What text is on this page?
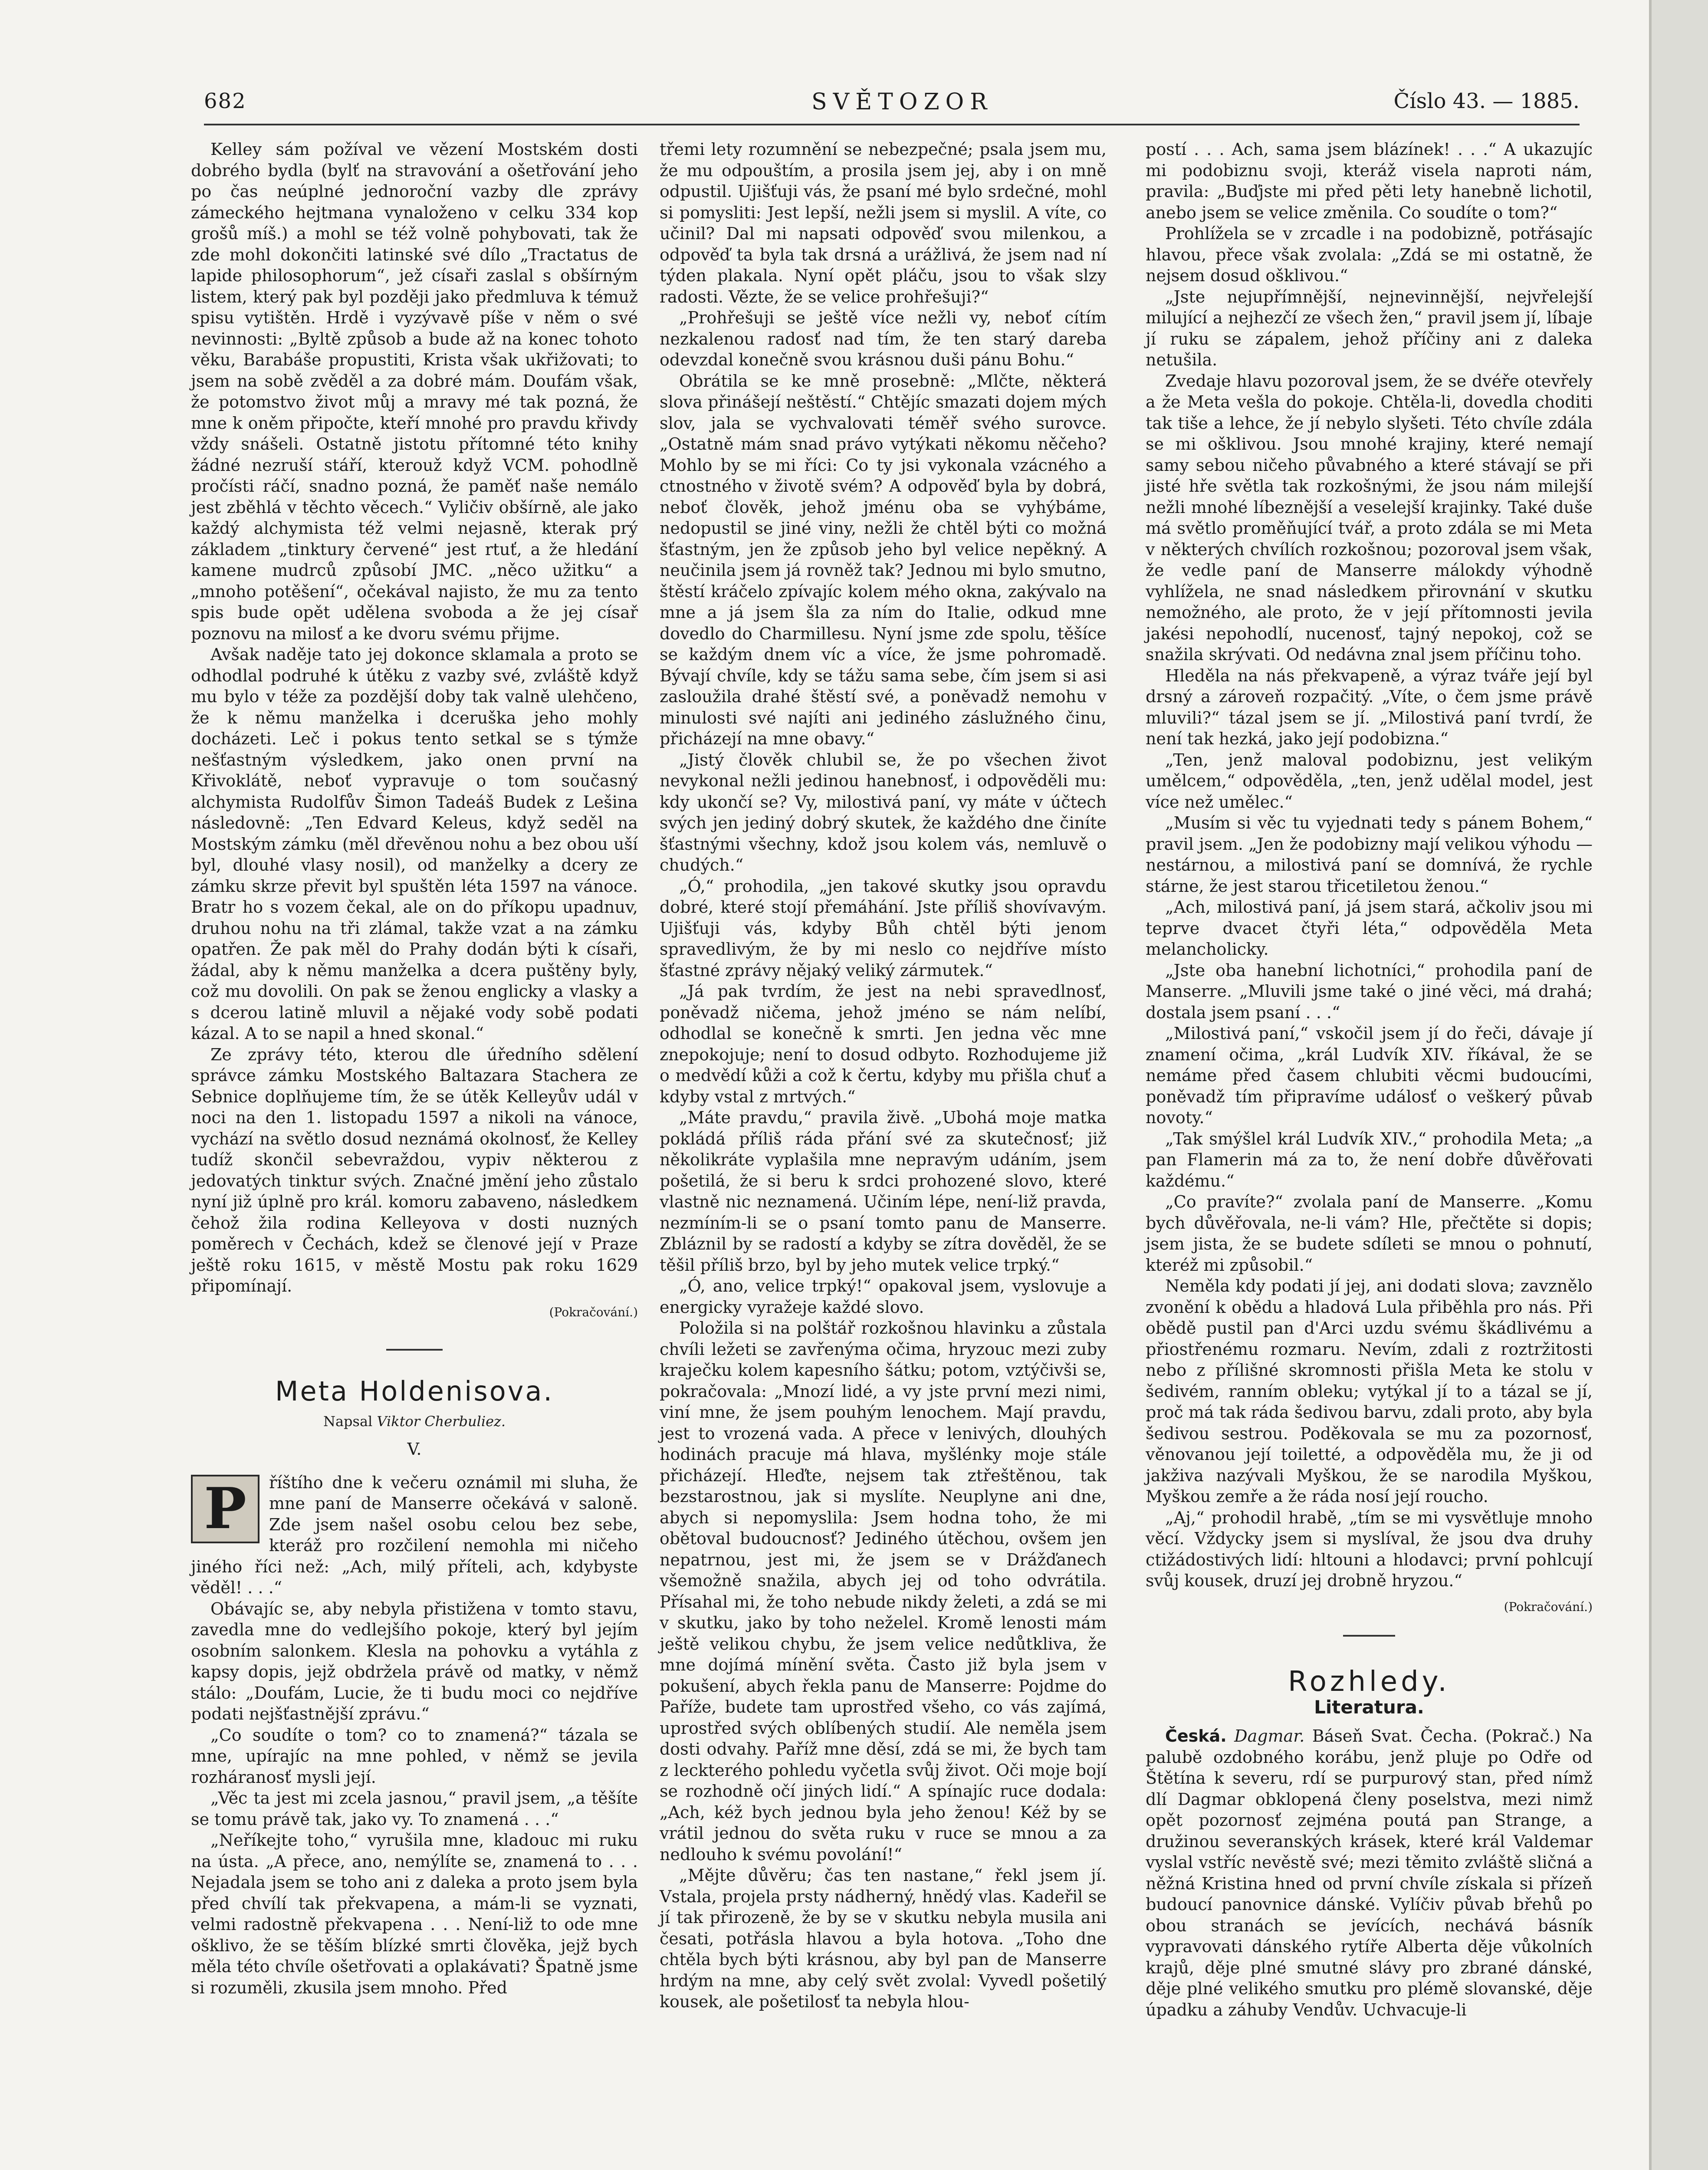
682	SVĚTOZOR	Číslo 43. — 1885.

Kelley sám požíval ve vězení Mostském dosti dobrého bydla (bylť na stravování a ošetřování jeho po čas neúplné jednoroční vazby dle zprávy zámeckého hejtmana vynaloženo v celku 334 kop grošů míš.) a mohl se též volně pohybovati, tak že zde mohl dokončiti latinské své dílo „Tractatus de lapide philosophorum“, jež císaři zaslal s obšírným listem, který pak byl později jako předmluva k témuž spisu vytištěn. Hrdě i vyzývavě píše v něm o své nevinnosti: „Byltě způsob a bude až na konec tohoto věku, Barabáše propustiti, Krista však ukřižovati; to jsem na sobě zvěděl a za dobré mám. Doufám však, že potomstvo život můj a mravy mé tak pozná, že mne k oněm připočte, kteří mnohé pro pravdu křivdy vždy snášeli. Ostatně jistotu přítomné této knihy žádné nezruší stáří, kterouž když VCM. pohodlně pročísti ráčí, snadno pozná, že paměť naše nemálo jest zběhlá v těchto věcech.“ Vyličiv obšírně, ale jako každý alchymista též velmi nejasně, kterak prý základem „tinktury červené“ jest rtuť, a že hledání kamene mudrců způsobí JMC. „něco užitku“ a „mnoho potěšení“, očekával najisto, že mu za tento spis bude opět udělena svoboda a že jej císař poznovu na milosť a ke dvoru svému přijme.

Avšak naděje tato jej dokonce sklamala a proto se odhodlal podruhé k útěku z vazby své, zvláště když mu bylo v téže za pozdější doby tak valně ulehčeno, že k němu manželka i dceruška jeho mohly docházeti. Leč i pokus tento setkal se s týmže nešťastným výsledkem, jako onen první na Křivoklátě, neboť vypravuje o tom současný alchymista Rudolfův Šimon Tadeáš Budek z Lešina následovně: „Ten Edvard Keleus, když seděl na Mostským zámku (měl dřevěnou nohu a bez obou uší byl, dlouhé vlasy nosil), od manželky a dcery ze zámku skrze převit byl spuštěn léta 1597 na vánoce. Bratr ho s vozem čekal, ale on do příkopu upadnuv, druhou nohu na tři zlámal, takže vzat a na zámku opatřen. Že pak měl do Prahy dodán býti k císaři, žádal, aby k němu manželka a dcera puštěny byly, což mu dovolili. On pak se ženou englicky a vlasky a s dcerou latině mluvil a nějaké vody sobě podati kázal. A to se napil a hned skonal.“

Ze zprávy této, kterou dle úředního sdělení správce zámku Mostského Baltazara Stachera ze Sebnice doplňujeme tím, že se útěk Kelleyův udál v noci na den 1. listopadu 1597 a nikoli na vánoce, vychází na světlo dosud neznámá okolnosť, že Kelley tudíž skončil sebevraždou, vypiv některou z jedovatých tinktur svých. Značné jmění jeho zůstalo nyní již úplně pro král. komoru zabaveno, následkem čehož žila rodina Kelleyova v dosti nuzných poměrech v Čechách, kdež se členové její v Praze ještě roku 1615, v městě Mostu pak roku 1629 připomínají.

(Pokračování.)
Meta Holdenisova.

Napsal Viktor Cherbuliez.

V.

P	říštího dne k večeru oznámil mi sluha, že mne paní de Manserre očekává v saloně. Zde jsem našel osobu celou bez sebe, kteráž pro rozčilení nemohla mi ničeho jiného říci než: „Ach, milý příteli, ach, kdybyste věděl! . . .“

Obávajíc se, aby nebyla přistižena v tomto stavu, zavedla mne do vedlejšího pokoje, který byl jejím osobním salonkem. Klesla na pohovku a vytáhla z kapsy dopis, jejž obdržela právě od matky, v němž stálo: „Doufám, Lucie, že ti budu moci co nejdříve podati nejšťastnější zprávu.“

„Co soudíte o tom? co to znamená?“ tázala se mne, upírajíc na mne pohled, v němž se jevila rozháranosť mysli její.

„Věc ta jest mi zcela jasnou,“ pravil jsem, „a těšíte se tomu právě tak, jako vy. To znamená . . .“

„Neříkejte toho,“ vyrušila mne, kladouc mi ruku na ústa. „A přece, ano, nemýlíte se, znamená to . . . Nejadala jsem se toho ani z daleka a proto jsem byla před chvílí tak překvapena, a mám-li se vyznati, velmi radostně překvapena . . . Není-liž to ode mne ošklivo, že se těším blízké smrti člověka, jejž bych měla této chvíle ošetřovati a oplakávati? Špatně jsme si rozuměli, zkusila jsem mnoho. Před

třemi lety rozumnění se nebezpečné; psala jsem mu, že mu odpouštím, a prosila jsem jej, aby i on mně odpustil. Ujišťuji vás, že psaní mé bylo srdečné, mohl si pomysliti: Jest lepší, nežli jsem si myslil. A víte, co učinil? Dal mi napsati odpověď svou milenkou, a odpověď ta byla tak drsná a urážlivá, že jsem nad ní týden plakala. Nyní opět pláču, jsou to však slzy radosti. Vězte, že se velice prohřešuji?“

„Prohřešuji se ještě více nežli vy, neboť cítím nezkalenou radosť nad tím, že ten starý dareba odevzdal konečně svou krásnou duši pánu Bohu.“

Obrátila se ke mně prosebně: „Mlčte, některá slova přinášejí neštěstí.“ Chtějíc smazati dojem mých slov, jala se vychvalovati téměř svého surovce. „Ostatně mám snad právo vytýkati někomu něčeho? Mohlo by se mi říci: Co ty jsi vykonala vzácného a ctnostného v životě svém? A odpověď byla by dobrá, neboť člověk, jehož jménu oba se vyhýbáme, nedopustil se jiné viny, nežli že chtěl býti co možná šťastným, jen že způsob jeho byl velice nepěkný. A neučinila jsem já rovněž tak? Jednou mi bylo smutno, štěstí kráčelo zpívajíc kolem mého okna, zakývalo na mne a já jsem šla za ním do Italie, odkud mne dovedlo do Charmillesu. Nyní jsme zde spolu, těšíce se každým dnem víc a více, že jsme pohromadě. Bývají chvíle, kdy se tážu sama sebe, čím jsem si asi zasloužila drahé štěstí své, a poněvadž nemohu v minulosti své najíti ani jediného záslužného činu, přicházejí na mne obavy.“

„Jistý člověk chlubil se, že po všechen život nevykonal nežli jedinou hanebnosť, i odpověděli mu: kdy ukončí se? Vy, milostivá paní, vy máte v účtech svých jen jediný dobrý skutek, že každého dne činíte šťastnými všechny, kdož jsou kolem vás, nemluvě o chudých.“

„Ó,“ prohodila, „jen takové skutky jsou opravdu dobré, které stojí přemáhání. Jste příliš shovívavým. Ujišťuji vás, kdyby Bůh chtěl býti jenom spravedlivým, že by mi neslo co nejdříve místo šťastné zprávy nějaký veliký zármutek.“

„Já pak tvrdím, že jest na nebi spravedlnosť, poněvadž ničema, jehož jméno se nám nelíbí, odhodlal se konečně k smrti. Jen jedna věc mne znepokojuje; není to dosud odbyto. Rozhodujeme již o medvědí kůži a což k čertu, kdyby mu přišla chuť a kdyby vstal z mrtvých.“

„Máte pravdu,“ pravila živě. „Ubohá moje matka pokládá příliš ráda přání své za skutečnosť; již několikráte vyplašila mne nepravým udáním, jsem pošetilá, že si beru k srdci prohozené slovo, které vlastně nic neznamená. Učiním lépe, není-liž pravda, nezmíním-li se o psaní tomto panu de Manserre. Zbláznil by se radostí a kdyby se zítra dověděl, že se těšil příliš brzo, byl by jeho mutek velice trpký.“

„Ó, ano, velice trpký!“ opakoval jsem, vyslovuje a energicky vyražeje každé slovo.

Položila si na polštář rozkošnou hlavinku a zůstala chvíli ležeti se zavřenýma očima, hryzouc mezi zuby kraječku kolem kapesního šátku; potom, vztýčivši se, pokračovala: „Mnozí lidé, a vy jste první mezi nimi, viní mne, že jsem pouhým lenochem. Mají pravdu, jest to vrozená vada. A přece v lenivých, dlouhých hodinách pracuje má hlava, myšlénky moje stále přicházejí. Hleďte, nejsem tak ztřeštěnou, tak bezstarostnou, jak si myslíte. Neuplyne ani dne, abych si nepomyslila: Jsem hodna toho, že mi obětoval budoucnosť? Jediného útěchou, ovšem jen nepatrnou, jest mi, že jsem se v Drážďanech všemožně snažila, abych jej od toho odvrátila. Přísahal mi, že toho nebude nikdy želeti, a zdá se mi v skutku, jako by toho neželel. Kromě lenosti mám ještě velikou chybu, že jsem velice nedůtkliva, že mne dojímá mínění světa. Často již byla jsem v pokušení, abych řekla panu de Manserre: Pojdme do Paříže, budete tam uprostřed všeho, co vás zajímá, uprostřed svých oblíbených studií. Ale neměla jsem dosti odvahy. Paříž mne děsí, zdá se mi, že bych tam z leckterého pohledu vyčetla svůj život. Oči moje bojí se rozhodně očí jiných lidí.“ A spínajíc ruce dodala: „Ach, kéž bych jednou byla jeho ženou! Kéž by se vrátil jednou do světa ruku v ruce se mnou a za nedlouho k svému povolání!“

„Mějte důvěru; čas ten nastane,“ řekl jsem jí. Vstala, projela prsty nádherný, hnědý vlas. Kadeřil se jí tak přirozeně, že by se v skutku nebyla musila ani česati, potřásla hlavou a byla hotova. „Toho dne chtěla bych býti krásnou, aby byl pan de Manserre hrdým na mne, aby celý svět zvolal: Vyvedl pošetilý kousek, ale pošetilosť ta nebyla hlou-

postí . . . Ach, sama jsem blázínek! . . .“ A ukazujíc mi podobiznu svoji, kteráž visela naproti nám, pravila: „Buďjste mi před pěti lety hanebně lichotil, anebo jsem se velice změnila. Co soudíte o tom?“

Prohlížela se v zrcadle i na podobizně, potřásajíc hlavou, přece však zvolala: „Zdá se mi ostatně, že nejsem dosud ošklivou.“

„Jste nejupřímnější, nejnevinnější, nejvřelejší milující a nejhezčí ze všech žen,“ pravil jsem jí, líbaje jí ruku se zápalem, jehož příčiny ani z daleka netušila.

Zvedaje hlavu pozoroval jsem, že se dvéře otevřely a že Meta vešla do pokoje. Chtěla-li, dovedla choditi tak tiše a lehce, že jí nebylo slyšeti. Této chvíle zdála se mi ošklivou. Jsou mnohé krajiny, které nemají samy sebou ničeho půvabného a které stávají se při jisté hře světla tak rozkošnými, že jsou nám milejší nežli mnohé líbeznější a veselejší krajinky. Také duše má světlo proměňující tvář, a proto zdála se mi Meta v některých chvílích rozkošnou; pozoroval jsem však, že vedle paní de Manserre málokdy výhodně vyhlížela, ne snad následkem přirovnání v skutku nemožného, ale proto, že v její přítomnosti jevila jakési nepohodlí, nucenosť, tajný nepokoj, což se snažila skrývati. Od nedávna znal jsem příčinu toho.

Hleděla na nás překvapeně, a výraz tváře její byl drsný a zároveň rozpačitý. „Víte, o čem jsme právě mluvili?“ tázal jsem se jí. „Milostivá paní tvrdí, že není tak hezká, jako její podobizna.“

„Ten, jenž maloval podobiznu, jest velikým umělcem,“ odpověděla, „ten, jenž udělal model, jest více než umělec.“

„Musím si věc tu vyjednati tedy s pánem Bohem,“ pravil jsem. „Jen že podobizny mají velikou výhodu — nestárnou, a milostivá paní se domnívá, že rychle stárne, že jest starou třicetiletou ženou.“

„Ach, milostivá paní, já jsem stará, ačkoliv jsou mi teprve dvacet čtyři léta,“ odpověděla Meta melancholicky.

„Jste oba hanební lichotníci,“ prohodila paní de Manserre. „Mluvili jsme také o jiné věci, má drahá; dostala jsem psaní . . .“

„Milostivá paní,“ vskočil jsem jí do řeči, dávaje jí znamení očima, „král Ludvík XIV. říkával, že se nemáme před časem chlubiti věcmi budoucími, poněvadž tím připravíme událosť o veškerý půvab novoty.“

„Tak smýšlel král Ludvík XIV.,“ prohodila Meta; „a pan Flamerin má za to, že není dobře důvěřovati každému.“

„Co pravíte?“ zvolala paní de Manserre. „Komu bych důvěřovala, ne-li vám? Hle, přečtěte si dopis; jsem jista, že se budete sdíleti se mnou o pohnutí, kteréž mi způsobil.“

Neměla kdy podati jí jej, ani dodati slova; zavznělo zvonění k obědu a hladová Lula přiběhla pro nás. Při obědě pustil pan d'Arci uzdu svému škádlivému a přiostřenému rozmaru. Nevím, zdali z roztržitosti nebo z přílišné skromnosti přišla Meta ke stolu v šedivém, ranním obleku; vytýkal jí to a tázal se jí, proč má tak ráda šedivou barvu, zdali proto, aby byla šedivou sestrou. Poděkovala se mu za pozornosť, věnovanou její toiletté, a odpověděla mu, že ji od jakživa nazývali Myškou, že se narodila Myškou, Myškou zemře a že ráda nosí její roucho.

„Aj,“ prohodil hrabě, „tím se mi vysvětluje mnoho věcí. Vždycky jsem si myslíval, že jsou dva druhy ctižádostivých lidí: hltouni a hlodavci; první pohlcují svůj kousek, druzí jej drobně hryzou.“

(Pokračování.)
Rozhledy.
Literatura.

Česká. Dagmar. Báseň Svat. Čecha. (Pokrač.) Na palubě ozdobného korábu, jenž pluje po Odře od Štětína k severu, rdí se purpurový stan, před nímž dlí Dagmar obklopená členy poselstva, mezi nimž opět pozornosť zejména poutá pan Strange, a družinou severanských krásek, které král Valdemar vyslal vstříc nevěstě své; mezi těmito zvláště sličná a něžná Kristina hned od první chvíle získala si přízeň budoucí panovnice dánské. Vylíčiv půvab břehů po obou stranách se jevících, nechává básník vypravovati dánského rytíře Alberta děje vůkolních krajů, děje plné smutné slávy pro zbrané dánské, děje plné velikého smutku pro plémě slovanské, děje úpadku a záhuby Vendův. Uchvacuje-li
